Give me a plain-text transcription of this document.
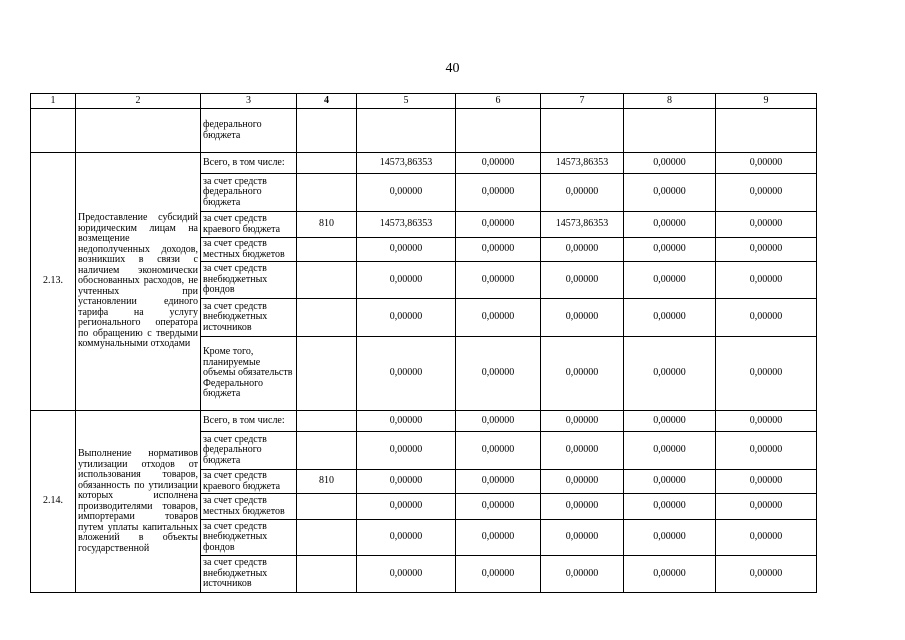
40
1	2	3	4	5	6	7	8	9
		федерального бюджета						
2.13.	Предоставление субсидий юридическим лицам на возмещение недополученных доходов, возникших в связи с наличием экономически обоснованных расходов, не учтенных при установлении единого тарифа на услугу регионального оператора по обращению с твердыми коммунальными отходами	Всего, в том числе:		14573,86353	0,00000	14573,86353	0,00000	0,00000
		за счет средств федерального бюджета		0,00000	0,00000	0,00000	0,00000	0,00000
		за счет средств краевого бюджета	810	14573,86353	0,00000	14573,86353	0,00000	0,00000
		за счет средств местных бюджетов		0,00000	0,00000	0,00000	0,00000	0,00000
		за счет средств внебюджетных фондов		0,00000	0,00000	0,00000	0,00000	0,00000
		за счет средств внебюджетных источников		0,00000	0,00000	0,00000	0,00000	0,00000
		Кроме того, планируемые объемы обязательств Федерального бюджета		0,00000	0,00000	0,00000	0,00000	0,00000
2.14.	Выполнение нормативов утилизации отходов от использования товаров, обязанность по утилизации которых исполнена производителями товаров, импортерами товаров путем уплаты капитальных вложений в объекты государственной	Всего, в том числе:		0,00000	0,00000	0,00000	0,00000	0,00000
		за счет средств федерального бюджета		0,00000	0,00000	0,00000	0,00000	0,00000
		за счет средств краевого бюджета	810	0,00000	0,00000	0,00000	0,00000	0,00000
		за счет средств местных бюджетов		0,00000	0,00000	0,00000	0,00000	0,00000
		за счет средств внебюджетных фондов		0,00000	0,00000	0,00000	0,00000	0,00000
		за счет средств внебюджетных источников		0,00000	0,00000	0,00000	0,00000	0,00000
